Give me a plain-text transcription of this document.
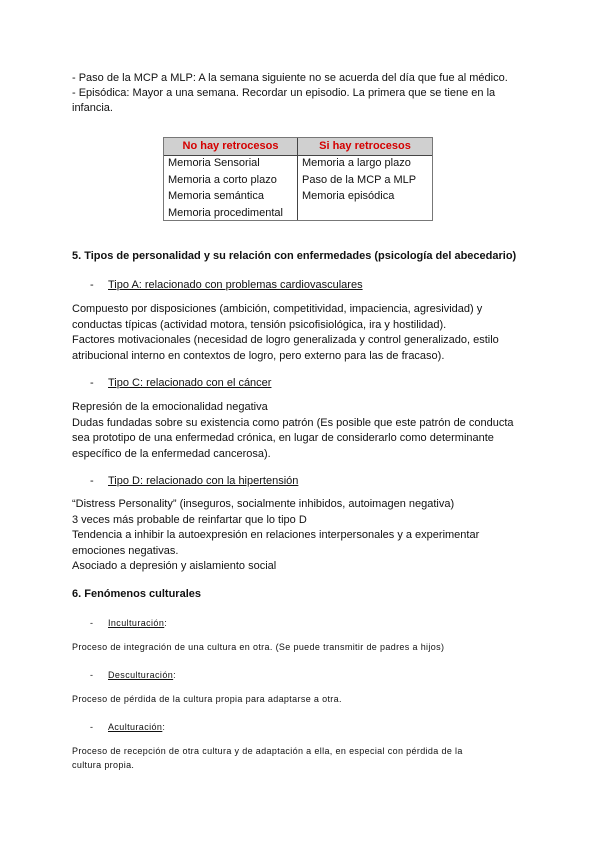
- Paso de la MCP a MLP: A la semana siguiente no se acuerda del día que fue al médico.
- Episódica: Mayor a una semana. Recordar un episodio. La primera que se tiene en la
infancia.
No hay retrocesos
Memoria Sensorial
Memoria a corto plazo
Memoria semántica
Memoria procedimental
Si hay retrocesos
Memoria a largo plazo
Paso de la MCP a MLP
Memoria episódica
5. Tipos de personalidad y su relación con enfermedades (psicología del abecedario)
- Tipo A: relacionado con problemas cardiovasculares
Compuesto por disposiciones (ambición, competitividad, impaciencia, agresividad) y
conductas típicas (actividad motora, tensión psicofisiológica, ira y hostilidad).
Factores motivacionales (necesidad de logro generalizada y control generalizado, estilo
atribucional interno en contextos de logro, pero externo para las de fracaso).
- Tipo C: relacionado con el cáncer
Represión de la emocionalidad negativa
Dudas fundadas sobre su existencia como patrón (Es posible que este patrón de conducta
sea prototipo de una enfermedad crónica, en lugar de considerarlo como determinante
específico de la enfermedad cancerosa).
- Tipo D: relacionado con la hipertensión
“Distress Personality” (inseguros, socialmente inhibidos, autoimagen negativa)
3 veces más probable de reinfartar que lo tipo D
Tendencia a inhibir la autoexpresión en relaciones interpersonales y a experimentar
emociones negativas.
Asociado a depresión y aislamiento social
6. Fenómenos culturales
- Inculturación:
Proceso de integración de una cultura en otra. (Se puede transmitir de padres a hijos)
- Desculturación:
Proceso de pérdida de la cultura propia para adaptarse a otra.
- Aculturación:
Proceso de recepción de otra cultura y de adaptación a ella, en especial con pérdida de la
cultura propia.
